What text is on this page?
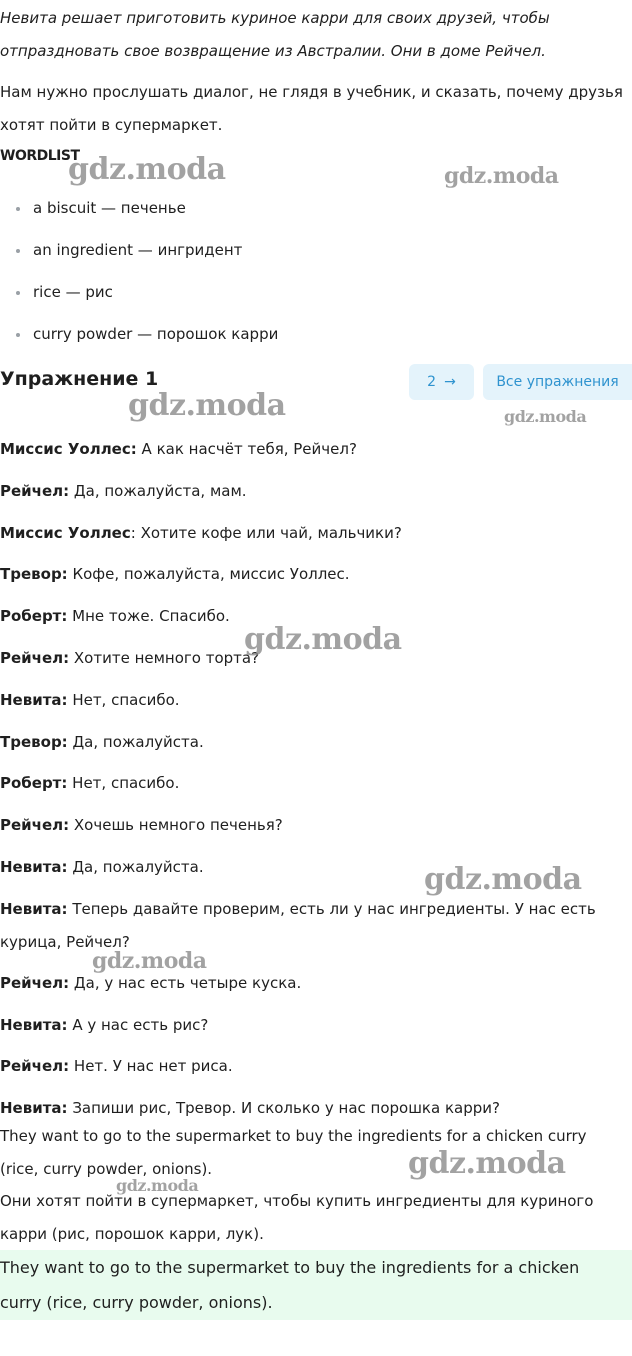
Невита решает приготовить куриное карри для своих друзей, чтобы отпраздновать свое возвращение из Австралии. Они в доме Рейчел.
Нам нужно прослушать диалог, не глядя в учебник, и сказать, почему друзья хотят пойти в супермаркет.
WORDLIST
a biscuit — печенье
an ingredient — ингридент
rice — рис
curry powder — порошок карри
Упражнение 1	2 →	Все упражнения
Миссис Уоллес: А как насчёт тебя, Рейчел?
Рейчел: Да, пожалуйста, мам.
Миссис Уоллес: Хотите кофе или чай, мальчики?
Тревор: Кофе, пожалуйста, миссис Уоллес.
Роберт: Мне тоже. Спасибо.
Рейчел: Хотите немного торта?
Невита: Нет, спасибо.
Тревор: Да, пожалуйста.
Роберт: Нет, спасибо.
Рейчел: Хочешь немного печенья?
Невита: Да, пожалуйста.
Невита: Теперь давайте проверим, есть ли у нас ингредиенты. У нас есть курица, Рейчел?
Рейчел: Да, у нас есть четыре куска.
Невита: А у нас есть рис?
Рейчел: Нет. У нас нет риса.
Невита: Запиши рис, Тревор. И сколько у нас порошка карри?
They want to go to the supermarket to buy the ingredients for a chicken curry (rice, curry powder, onions).
Они хотят пойти в супермаркет, чтобы купить ингредиенты для куриного карри (рис, порошок карри, лук).
They want to go to the supermarket to buy the ingredients for a chicken curry (rice, curry powder, onions).
gdz.moda	gdz.moda
gdz.moda	gdz.moda
gdz.moda
gdz.moda
gdz.moda
gdz.moda
gdz.moda
